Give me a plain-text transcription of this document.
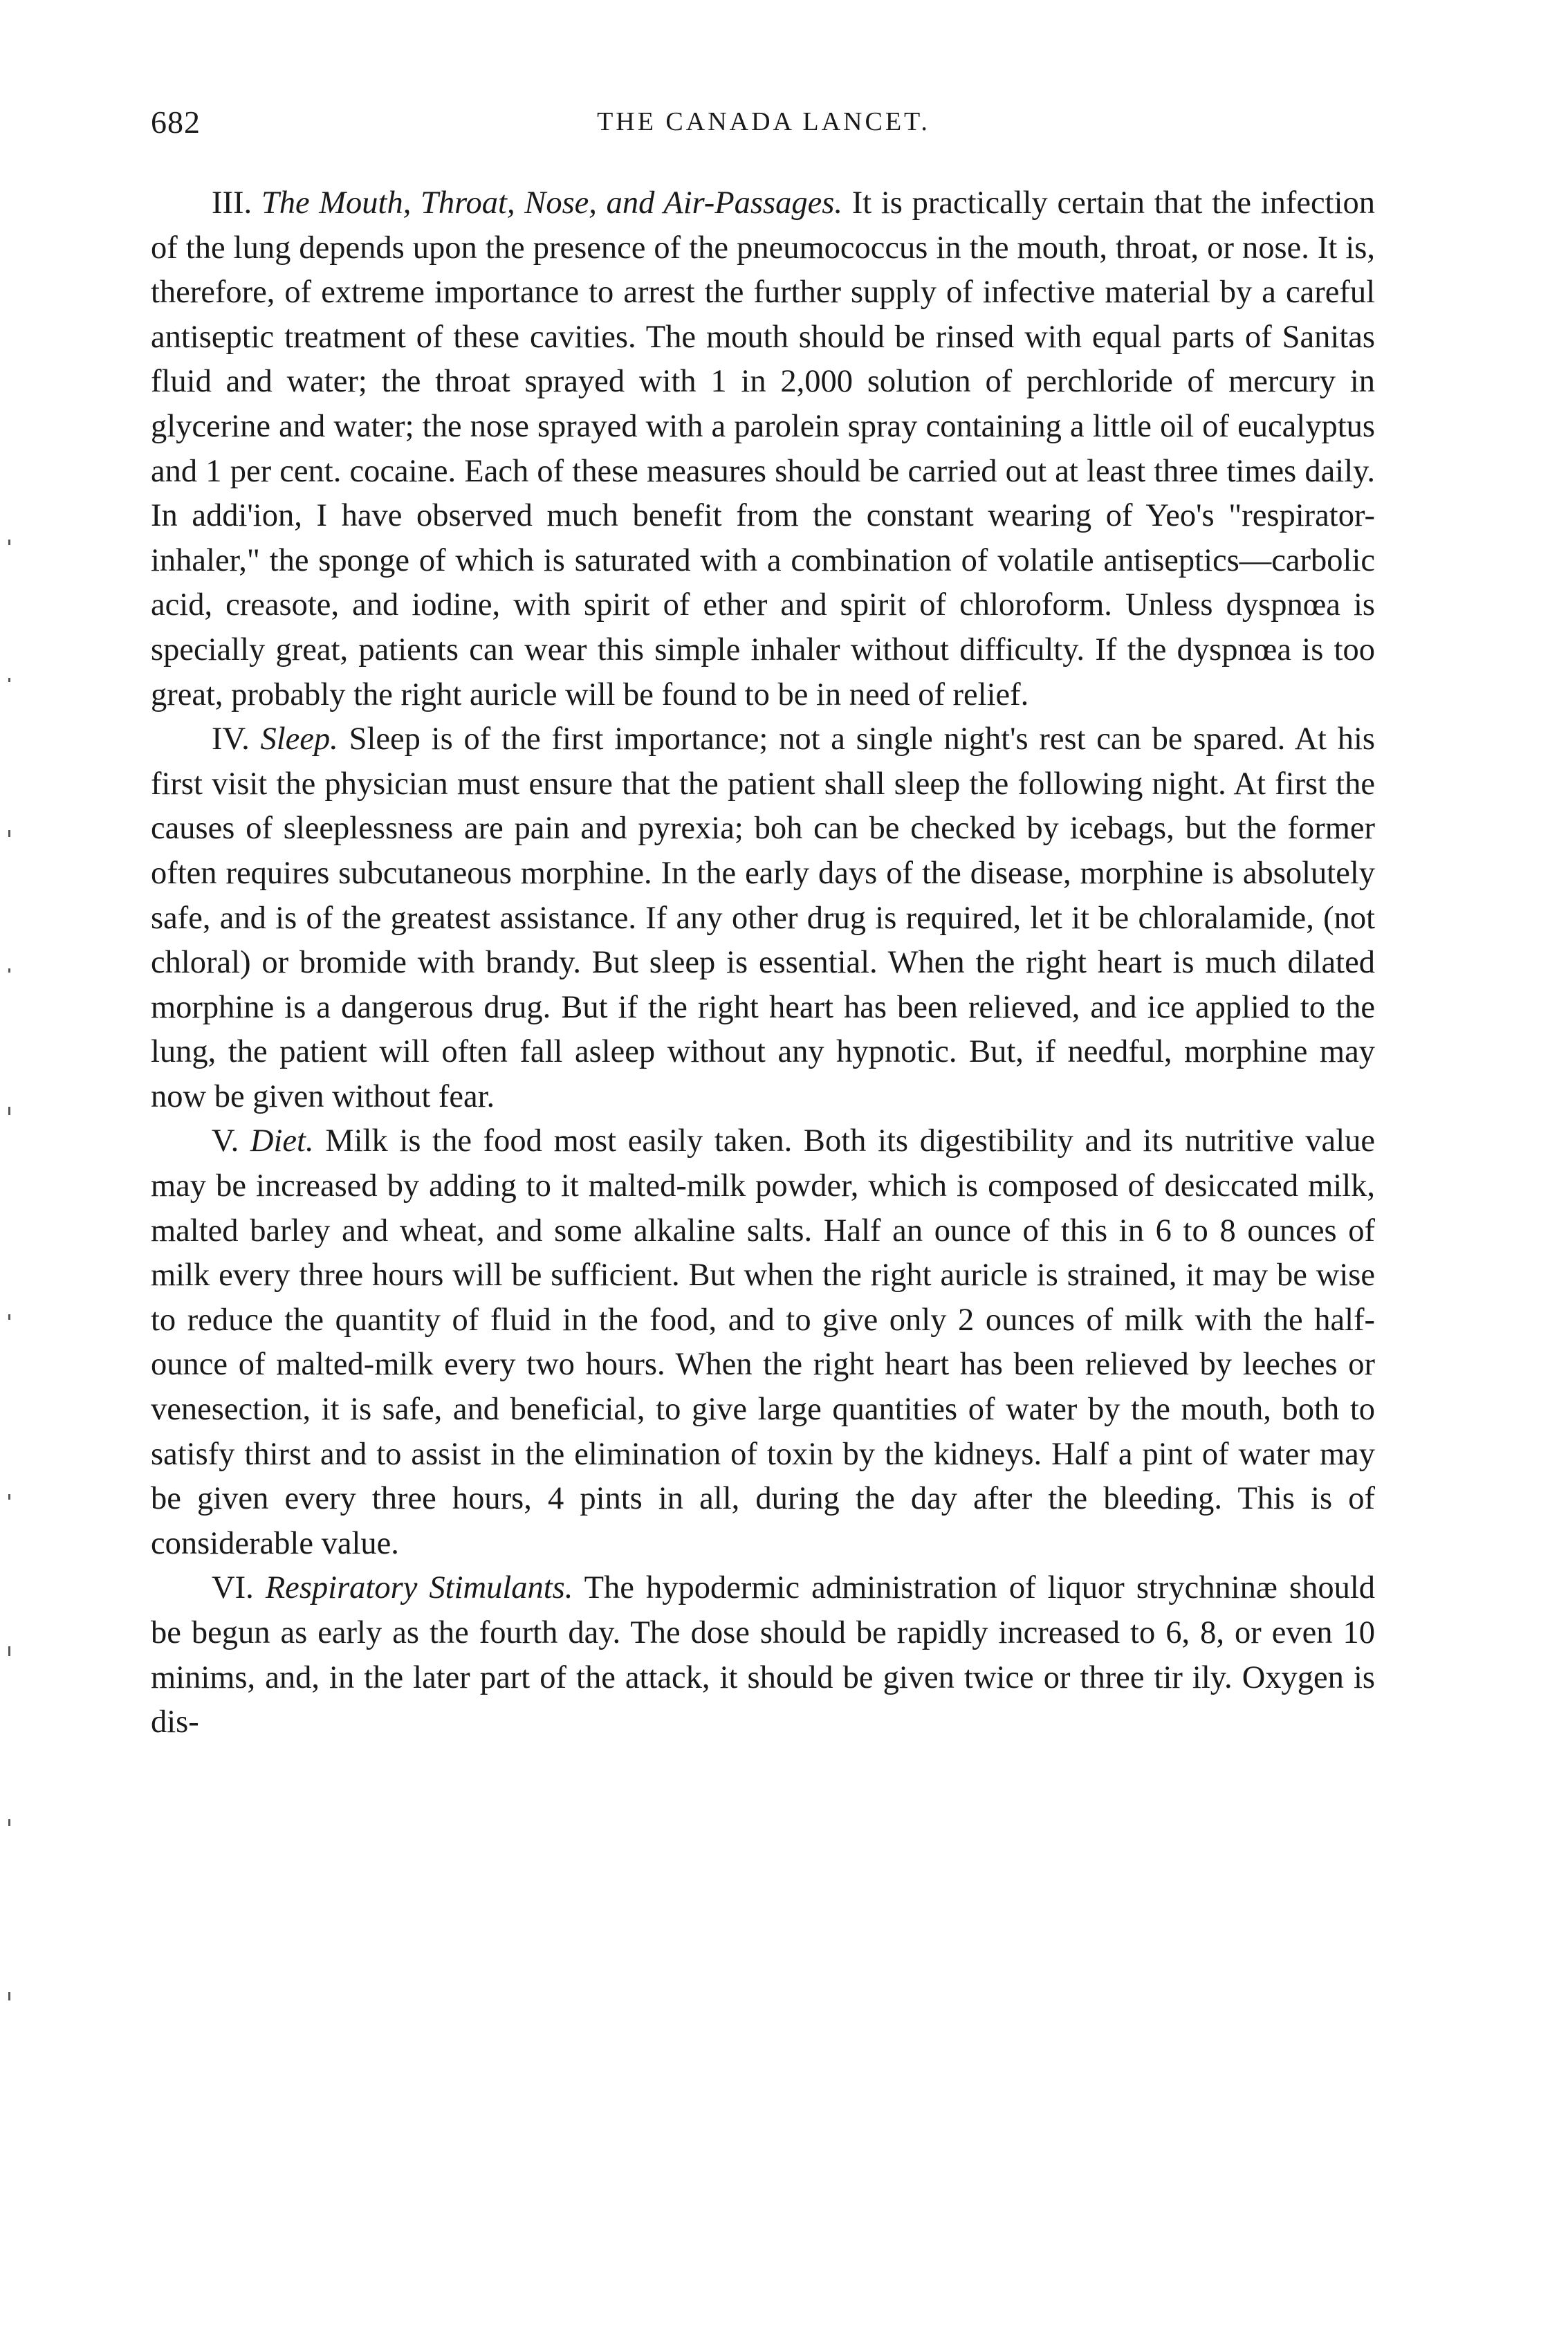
682	THE CANADA LANCET.

III. The Mouth, Throat, Nose, and Air-Passages. It is practically certain that the infection of the lung depends upon the presence of the pneumococcus in the mouth, throat, or nose. It is, therefore, of extreme importance to arrest the further supply of infective material by a careful antiseptic treatment of these cavities. The mouth should be rinsed with equal parts of Sanitas fluid and water; the throat sprayed with 1 in 2,000 solution of perchloride of mercury in glycerine and water; the nose sprayed with a parolein spray containing a little oil of eucalyptus and 1 per cent. cocaine. Each of these measures should be carried out at least three times daily. In addi'ion, I have observed much benefit from the constant wearing of Yeo's "respirator-inhaler," the sponge of which is saturated with a combination of volatile antiseptics—carbolic acid, creasote, and iodine, with spirit of ether and spirit of chloroform. Unless dyspnœa is specially great, patients can wear this simple inhaler without difficulty. If the dyspnœa is too great, probably the right auricle will be found to be in need of relief.

IV. Sleep. Sleep is of the first importance; not a single night's rest can be spared. At his first visit the physician must ensure that the patient shall sleep the following night. At first the causes of sleeplessness are pain and pyrexia; boh can be checked by icebags, but the former often requires subcutaneous morphine. In the early days of the disease, morphine is absolutely safe, and is of the greatest assistance. If any other drug is required, let it be chloralamide, (not chloral) or bromide with brandy. But sleep is essential. When the right heart is much dilated morphine is a dangerous drug. But if the right heart has been relieved, and ice applied to the lung, the patient will often fall asleep without any hypnotic. But, if needful, morphine may now be given without fear.

V. Diet. Milk is the food most easily taken. Both its digestibility and its nutritive value may be increased by adding to it malted-milk powder, which is composed of desiccated milk, malted barley and wheat, and some alkaline salts. Half an ounce of this in 6 to 8 ounces of milk every three hours will be sufficient. But when the right auricle is strained, it may be wise to reduce the quantity of fluid in the food, and to give only 2 ounces of milk with the half-ounce of malted-milk every two hours. When the right heart has been relieved by leeches or venesection, it is safe, and beneficial, to give large quantities of water by the mouth, both to satisfy thirst and to assist in the elimination of toxin by the kidneys. Half a pint of water may be given every three hours, 4 pints in all, during the day after the bleeding. This is of considerable value.

VI. Respiratory Stimulants. The hypodermic administration of liquor strychninæ should be begun as early as the fourth day. The dose should be rapidly increased to 6, 8, or even 10 minims, and, in the later part of the attack, it should be given twice or three tir ily. Oxygen is dis-
